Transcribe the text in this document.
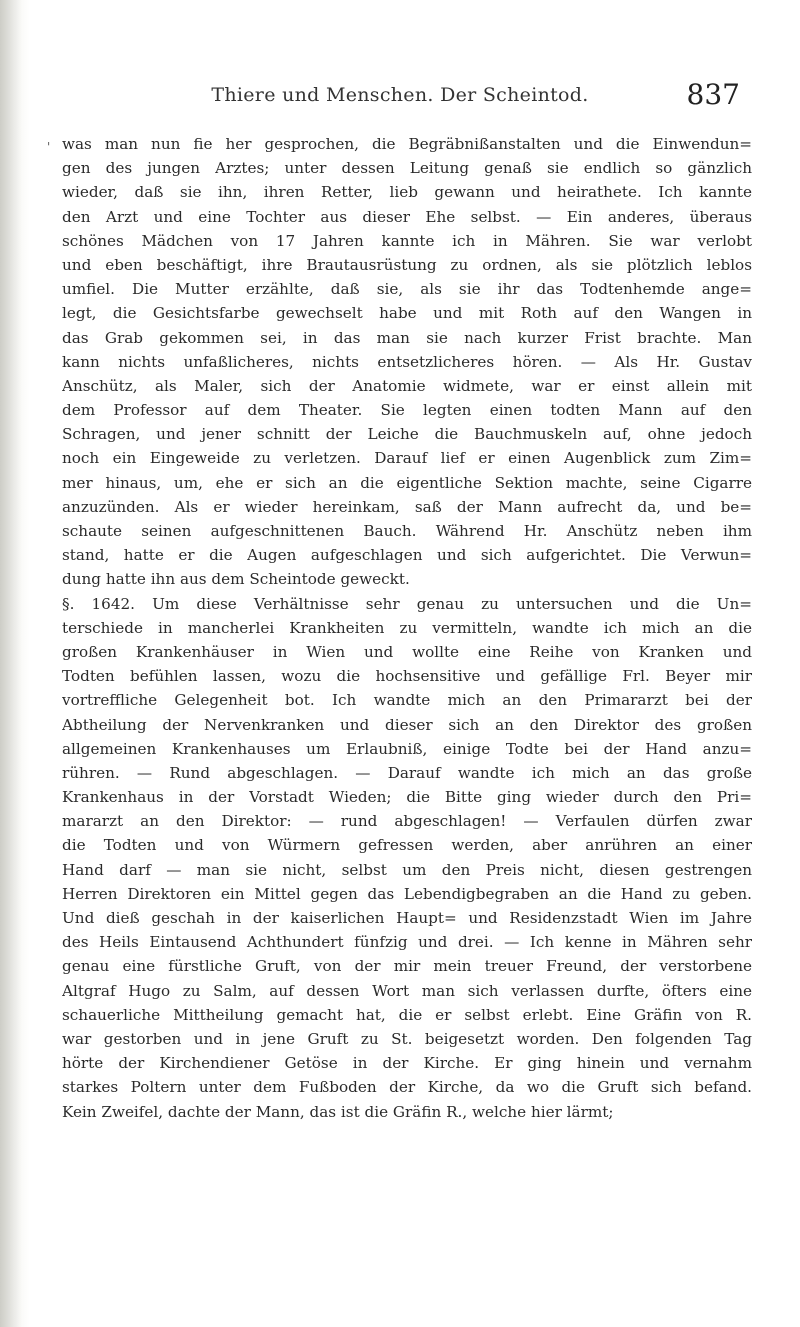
Thiere und Menschen. Der Scheintod.	837
' was man nun fie her gesprochen, die Begräbnißanstalten und die Einwendun=
gen des jungen Arztes; unter dessen Leitung genaß sie endlich so gänzlich
wieder, daß sie ihn, ihren Retter, lieb gewann und heirathete. Ich kannte
den Arzt und eine Tochter aus dieser Ehe selbst. — Ein anderes, überaus
schönes Mädchen von 17 Jahren kannte ich in Mähren. Sie war verlobt
und eben beschäftigt, ihre Brautausrüstung zu ordnen, als sie plötzlich leblos
umfiel. Die Mutter erzählte, daß sie, als sie ihr das Todtenhemde ange=
legt, die Gesichtsfarbe gewechselt habe und mit Roth auf den Wangen in
das Grab gekommen sei, in das man sie nach kurzer Frist brachte. Man
kann nichts unfaßlicheres, nichts entsetzlicheres hören. — Als Hr. Gustav
Anschütz, als Maler, sich der Anatomie widmete, war er einst allein mit
dem Professor auf dem Theater. Sie legten einen todten Mann auf den
Schragen, und jener schnitt der Leiche die Bauchmuskeln auf, ohne jedoch
noch ein Eingeweide zu verletzen. Darauf lief er einen Augenblick zum Zim=
mer hinaus, um, ehe er sich an die eigentliche Sektion machte, seine Cigarre
anzuzünden. Als er wieder hereinkam, saß der Mann aufrecht da, und be=
schaute seinen aufgeschnittenen Bauch. Während Hr. Anschütz neben ihm
stand, hatte er die Augen aufgeschlagen und sich aufgerichtet. Die Verwun=
dung hatte ihn aus dem Scheintode geweckt.
§. 1642. Um diese Verhältnisse sehr genau zu untersuchen und die Un=
terschiede in mancherlei Krankheiten zu vermitteln, wandte ich mich an die
großen Krankenhäuser in Wien und wollte eine Reihe von Kranken und
Todten befühlen lassen, wozu die hochsensitive und gefällige Frl. Beyer mir
vortreffliche Gelegenheit bot. Ich wandte mich an den Primararzt bei der
Abtheilung der Nervenkranken und dieser sich an den Direktor des großen
allgemeinen Krankenhauses um Erlaubniß, einige Todte bei der Hand anzu=
rühren. — Rund abgeschlagen. — Darauf wandte ich mich an das große
Krankenhaus in der Vorstadt Wieden; die Bitte ging wieder durch den Pri=
mararzt an den Direktor: — rund abgeschlagen! — Verfaulen dürfen zwar
die Todten und von Würmern gefressen werden, aber anrühren an einer
Hand darf — man sie nicht, selbst um den Preis nicht, diesen gestrengen
Herren Direktoren ein Mittel gegen das Lebendigbegraben an die Hand zu geben.
Und dieß geschah in der kaiserlichen Haupt= und Residenzstadt Wien im Jahre
des Heils Eintausend Achthundert fünfzig und drei. — Ich kenne in Mähren sehr
genau eine fürstliche Gruft, von der mir mein treuer Freund, der verstorbene
Altgraf Hugo zu Salm, auf dessen Wort man sich verlassen durfte, öfters eine
schauerliche Mittheilung gemacht hat, die er selbst erlebt. Eine Gräfin von R.
war gestorben und in jene Gruft zu St. beigesetzt worden. Den folgenden Tag
hörte der Kirchendiener Getöse in der Kirche. Er ging hinein und vernahm
starkes Poltern unter dem Fußboden der Kirche, da wo die Gruft sich befand.
Kein Zweifel, dachte der Mann, das ist die Gräfin R., welche hier lärmt;
